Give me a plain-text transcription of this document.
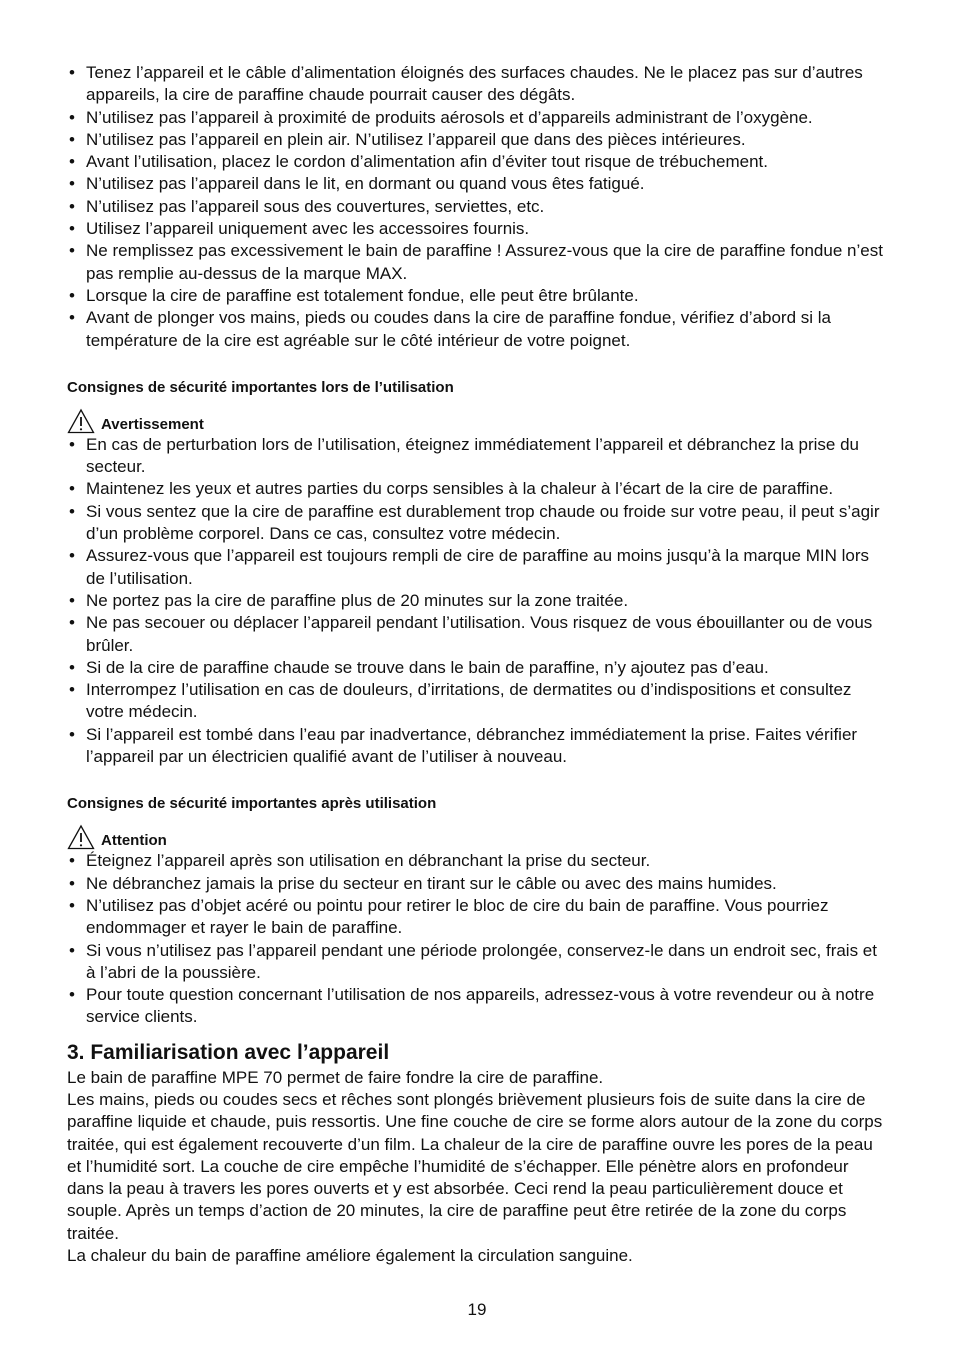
• Tenez l’appareil et le câble d’alimentation éloignés des surfaces chaudes. Ne le placez pas sur d’autres appareils, la cire de paraffine chaude pourrait causer des dégâts.
• N’utilisez pas l’appareil à proximité de produits aérosols et d’appareils administrant de l’oxygène.
• N’utilisez pas l’appareil en plein air. N’utilisez l’appareil que dans des pièces intérieures.
• Avant l’utilisation, placez le cordon d’alimentation afin d’éviter tout risque de trébuchement.
• N’utilisez pas l’appareil dans le lit, en dormant ou quand vous êtes fatigué.
• N’utilisez pas l’appareil sous des couvertures, serviettes, etc.
• Utilisez l’appareil uniquement avec les accessoires fournis.
• Ne remplissez pas excessivement le bain de paraffine ! Assurez-vous que la cire de paraffine fondue n’est pas remplie au-dessus de la marque MAX.
• Lorsque la cire de paraffine est totalement fondue, elle peut être brûlante.
• Avant de plonger vos mains, pieds ou coudes dans la cire de paraffine fondue, vérifiez d’abord si la température de la cire est agréable sur le côté intérieur de votre poignet.
Consignes de sécurité importantes lors de l’utilisation
Avertissement
• En cas de perturbation lors de l’utilisation, éteignez immédiatement l’appareil et débranchez la prise du secteur.
• Maintenez les yeux et autres parties du corps sensibles à la chaleur à l’écart de la cire de paraffine.
• Si vous sentez que la cire de paraffine est durablement trop chaude ou froide sur votre peau, il peut s’agir d’un problème corporel. Dans ce cas, consultez votre médecin.
• Assurez-vous que l’appareil est toujours rempli de cire de paraffine au moins jusqu’à la marque MIN lors de l’utilisation.
• Ne portez pas la cire de paraffine plus de 20 minutes sur la zone traitée.
• Ne pas secouer ou déplacer l’appareil pendant l’utilisation. Vous risquez de vous ébouillanter ou de vous brûler.
• Si de la cire de paraffine chaude se trouve dans le bain de paraffine, n’y ajoutez pas d’eau.
• Interrompez l’utilisation en cas de douleurs, d’irritations, de dermatites ou d’indispositions et consultez votre médecin.
• Si l’appareil est tombé dans l’eau par inadvertance, débranchez immédiatement la prise. Faites vérifier l’appareil par un électricien qualifié avant de l’utiliser à nouveau.
Consignes de sécurité importantes après utilisation
Attention
• Éteignez l’appareil après son utilisation en débranchant la prise du secteur.
• Ne débranchez jamais la prise du secteur en tirant sur le câble ou avec des mains humides.
• N’utilisez pas d’objet acéré ou pointu pour retirer le bloc de cire du bain de paraffine. Vous pourriez endommager et rayer le bain de paraffine.
• Si vous n’utilisez pas l’appareil pendant une période prolongée, conservez-le dans un endroit sec, frais et à l’abri de la poussière.
• Pour toute question concernant l’utilisation de nos appareils, adressez-vous à votre revendeur ou à notre service clients.
3. Familiarisation avec l’appareil

Le bain de paraffine MPE 70 permet de faire fondre la cire de paraffine.

Les mains, pieds ou coudes secs et rêches sont plongés brièvement plusieurs fois de suite dans la cire de paraffine liquide et chaude, puis ressortis. Une fine couche de cire se forme alors autour de la zone du corps traitée, qui est également recouverte d’un film. La chaleur de la cire de paraffine ouvre les pores de la peau et l’humidité sort. La couche de cire empêche l’humidité de s’échapper. Elle pénètre alors en profondeur dans la peau à travers les pores ouverts et y est absorbée. Ceci rend la peau particulièrement douce et souple. Après un temps d’action de 20 minutes, la cire de paraffine peut être retirée de la zone du corps traitée.

La chaleur du bain de paraffine améliore également la circulation sanguine.

19
